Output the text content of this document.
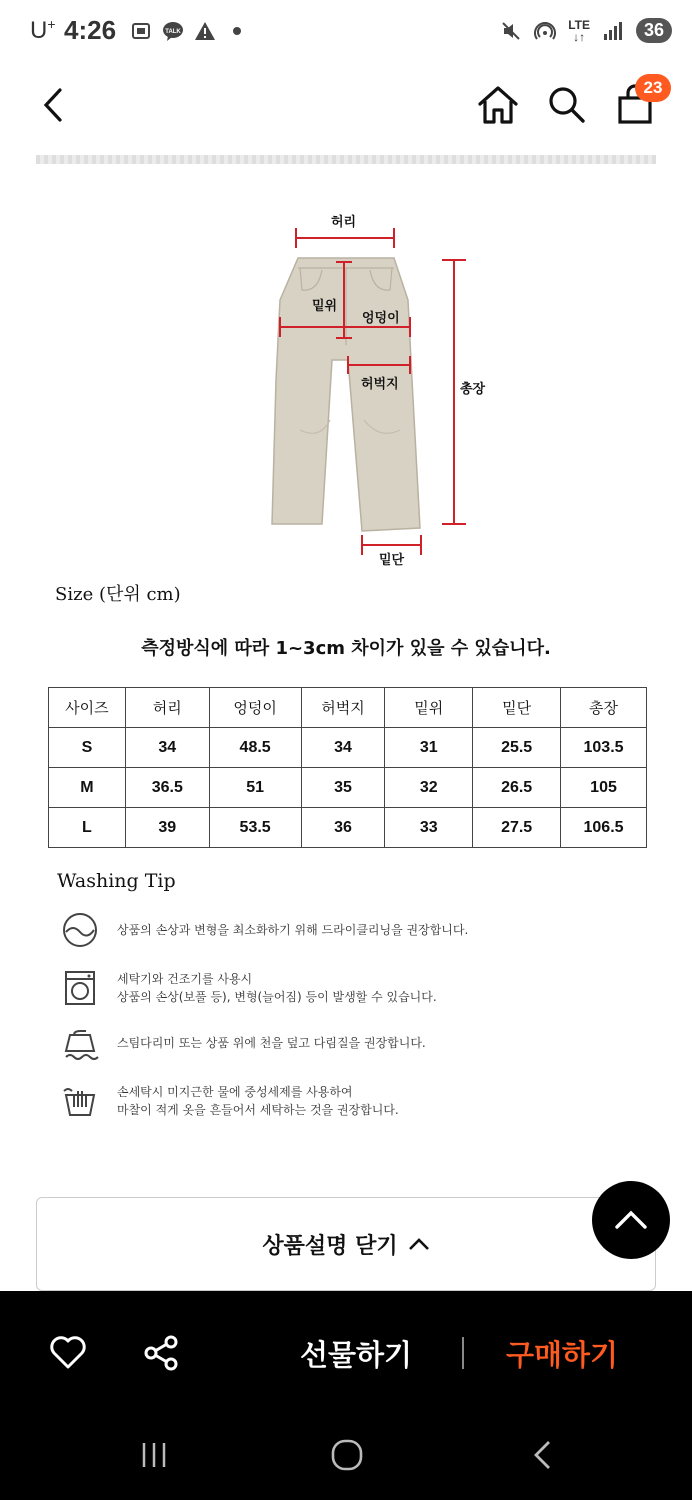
U+ 4:26	TALK
LTE
↓↑	36
23
허리
밑위
엉덩이
허벅지	총장
밑단
Size (단위 cm)
측정방식에 따라 1~3cm 차이가 있을 수 있습니다.
사이즈	허리	엉덩이	허벅지	밑위	밑단	총장
S	34	48.5	34	31	25.5	103.5
M	36.5	51	35	32	26.5	105
L	39	53.5	36	33	27.5	106.5
Washing Tip
상품의 손상과 변형을 최소화하기 위해 드라이클리닝을 권장합니다.
세탁기와 건조기를 사용시
상품의 손상(보풀 등), 변형(늘어짐) 등이 발생할 수 있습니다.
스팀다리미 또는 상품 위에 천을 덮고 다림질을 권장합니다.
손세탁시 미지근한 물에 중성세제를 사용하여
마찰이 적게 옷을 흔들어서 세탁하는 것을 권장합니다.
상품설명 닫기
선물하기	구매하기
